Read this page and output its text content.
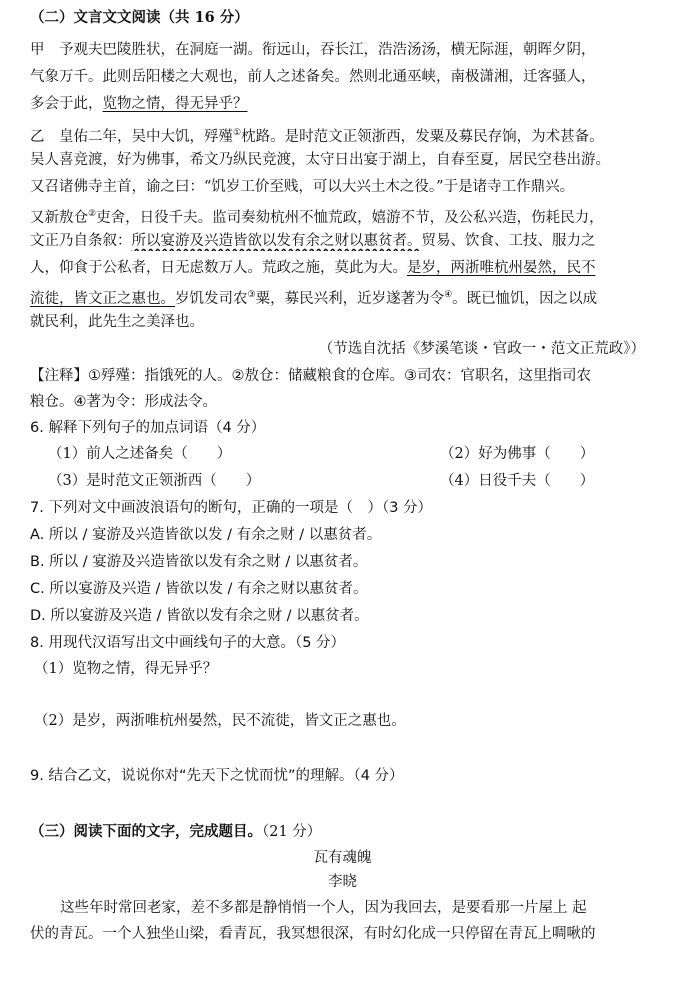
（二）文言文文阅读（共 16 分）
甲　予观夫巴陵胜状，在洞庭一湖。衔远山，吞长江，浩浩汤汤，横无际涯，朝晖夕阴，
气象万千。此则岳阳楼之大观也，前人之述备矣。然则北通巫峡，南极潇湘，迁客骚人，
多会于此，览物之情，得无异乎？
乙　皇佑二年，吴中大饥，殍殣①枕路。是时范文正领浙西，发粟及募民存饷，为术甚备。
吴人喜竞渡，好为佛事，希文乃纵民竞渡，太守日出宴于湖上，自春至夏，居民空巷出游。
又召诸佛寺主首，谕之曰：“饥岁工价至贱，可以大兴土木之役。”于是诸寺工作鼎兴。
又新敖仓②吏舍，日役千夫。监司奏劾杭州不恤荒政，嬉游不节，及公私兴造，伤耗民力，
文正乃自条叙：所以宴游及兴造皆欲以发有余之财以惠贫者。贸易、饮食、工技、服力之
人，仰食于公私者，日无虑数万人。荒政之施，莫此为大。是岁，两浙唯杭州晏然，民不
流徙，皆文正之惠也。岁饥发司农③粟，募民兴利，近岁遂著为令④。既已恤饥，因之以成
就民利，此先生之美泽也。
（节选自沈括《梦溪笔谈・官政一・范文正荒政》）
【注释】①殍殣：指饿死的人。②敖仓：储藏粮食的仓库。③司农：官职名，这里指司农
粮仓。④著为令：形成法令。
6. 解释下列句子的加点词语（4 分）
（1）前人之述备矣（　　）	（2）好为佛事（　　）
（3）是时范文正领浙西（　　）	（4）日役千夫（　　）
7. 下列对文中画波浪语句的断句，正确的一项是（　）（3 分）
A. 所以 / 宴游及兴造皆欲以发 / 有余之财 / 以惠贫者。
B. 所以 / 宴游及兴造皆欲以发有余之财 / 以惠贫者。
C. 所以宴游及兴造 / 皆欲以发 / 有余之财以惠贫者。
D. 所以宴游及兴造 / 皆欲以发有余之财 / 以惠贫者。
8. 用现代汉语写出文中画线句子的大意。（5 分）
（1）览物之情，得无异乎？
（2）是岁，两浙唯杭州晏然，民不流徙，皆文正之惠也。
9. 结合乙文，说说你对“先天下之忧而忧”的理解。（4 分）
（三）阅读下面的文字，完成题目。（21 分）
瓦有魂魄
李晓
这些年时常回老家，差不多都是静悄悄一个人，因为我回去，是要看那一片屋上 起
伏的青瓦。一个人独坐山梁，看青瓦，我冥想很深，有时幻化成一只停留在青瓦上啁啾的
